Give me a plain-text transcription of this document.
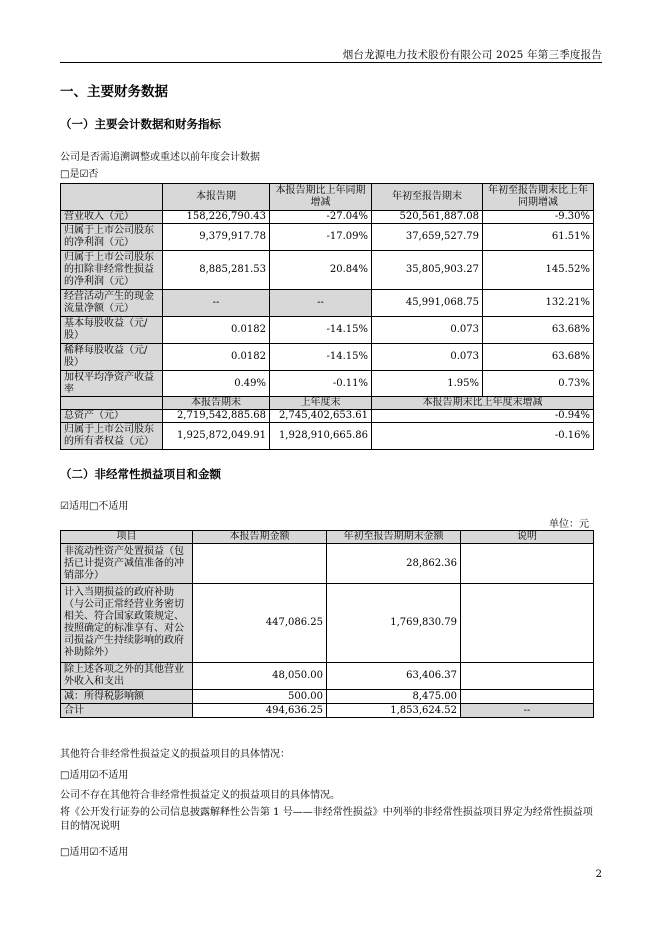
烟台龙源电力技术股份有限公司 2025 年第三季度报告
一、主要财务数据
（一）主要会计数据和财务指标
公司是否需追溯调整或重述以前年度会计数据
□是☑否
	本报告期	本报告期比上年同期增减	年初至报告期末	年初至报告期末比上年同期增减
营业收入（元）	158,226,790.43	-27.04%	520,561,887.08	-9.30%
归属于上市公司股东的净利润（元）	9,379,917.78	-17.09%	37,659,527.79	61.51%
归属于上市公司股东的扣除非经常性损益的净利润（元）	8,885,281.53	20.84%	35,805,903.27	145.52%
经营活动产生的现金流量净额（元）	--	--	45,991,068.75	132.21%
基本每股收益（元/股）	0.0182	-14.15%	0.073	63.68%
稀释每股收益（元/股）	0.0182	-14.15%	0.073	63.68%
加权平均净资产收益率	0.49%	-0.11%	1.95%	0.73%
	本报告期末	上年度末	本报告期末比上年度末增减
总资产（元）	2,719,542,885.68	2,745,402,653.61	-0.94%
归属于上市公司股东的所有者权益（元）	1,925,872,049.91	1,928,910,665.86	-0.16%
（二）非经常性损益项目和金额
☑适用□不适用
单位：元
项目	本报告期金额	年初至报告期期末金额	说明
非流动性资产处置损益（包括已计提资产减值准备的冲销部分）		28,862.36	
计入当期损益的政府补助（与公司正常经营业务密切相关、符合国家政策规定、按照确定的标准享有、对公司损益产生持续影响的政府补助除外）	447,086.25	1,769,830.79	
除上述各项之外的其他营业外收入和支出	48,050.00	63,406.37	
减：所得税影响额	500.00	8,475.00	
合计	494,636.25	1,853,624.52	--
其他符合非经常性损益定义的损益项目的具体情况：
□适用☑不适用
公司不存在其他符合非经常性损益定义的损益项目的具体情况。
将《公开发行证券的公司信息披露解释性公告第 1 号——非经常性损益》中列举的非经常性损益项目界定为经常性损益项目的情况说明
□适用☑不适用
2
